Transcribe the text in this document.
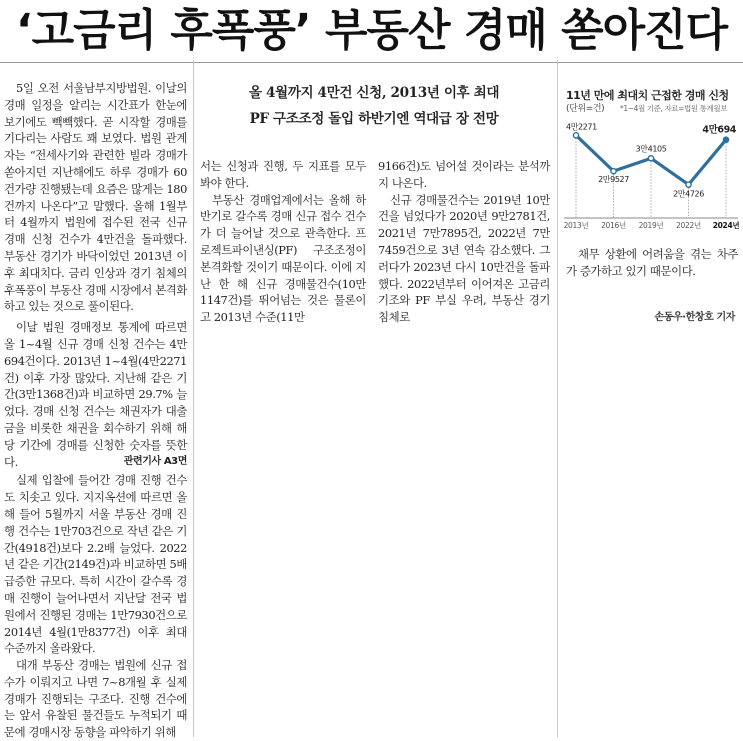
‘고금리 후폭풍’ 부동산 경매 쏟아진다

5일 오전 서울남부지방법원. 이날의 경매 일정을 알리는 시간표가 한눈에 보기에도 빽빽했다. 곧 시작할 경매를 기다리는 사람도 꽤 보였다. 법원 관계자는 “전세사기와 관련한 빌라 경매가 쏟아지던 지난해에도 하루 경매가 60건가량 진행됐는데 요즘은 많게는 180건까지 나온다”고 말했다. 올해 1월부터 4월까지 법원에 접수된 전국 신규 경매 신청 건수가 4만건을 돌파했다. 부동산 경기가 바닥이었던 2013년 이후 최대치다. 금리 인상과 경기 침체의 후폭풍이 부동산 경매 시장에서 본격화하고 있는 것으로 풀이된다.

이날 법원 경매정보 통계에 따르면 올 1~4월 신규 경매 신청 건수는 4만694건이다. 2013년 1~4월(4만2271건) 이후 가장 많았다. 지난해 같은 기간(3만1368건)과 비교하면 29.7% 늘었다. 경매 신청 건수는 채권자가 대출금을 비롯한 채권을 회수하기 위해 해당 기간에 경매를 신청한 숫자를 뜻한다.	관련기사 A3면

실제 입찰에 들어간 경매 진행 건수도 치솟고 있다. 지지옥션에 따르면 올해 들어 5월까지 서울 부동산 경매 진행 건수는 1만703건으로 작년 같은 기간(4918건)보다 2.2배 늘었다. 2022년 같은 기간(2149건)과 비교하면 5배 급증한 규모다. 특히 시간이 갈수록 경매 진행이 늘어나면서 지난달 전국 법원에서 진행된 경매는 1만7930건으로 2014년 4월(1만8377건) 이후 최대 수준까지 올라왔다.

대개 부동산 경매는 법원에 신규 접수가 이뤄지고 나면 7~8개월 후 실제 경매가 진행되는 구조다. 진행 건수에는 앞서 유찰된 물건들도 누적되기 때문에 경매시장 동향을 파악하기 위해

올 4월까지 4만건 신청, 2013년 이후 최대
PF 구조조정 돌입 하반기엔 역대급 장 전망

서는 신청과 진행, 두 지표를 모두 봐야 한다.

부동산 경매업계에서는 올해 하반기로 갈수록 경매 신규 접수 건수가 더 늘어날 것으로 관측한다. 프로젝트파이낸싱(PF) 구조조정이 본격화할 것이기 때문이다. 이에 지난 한 해 신규 경매물건수(10만1147건)를 뛰어넘는 것은 물론이고 2013년 수준(11만

9166건)도 넘어설 것이라는 분석까지 나온다.

신규 경매물건수는 2019년 10만건을 넘었다가 2020년 9만2781건, 2021년 7만7895건, 2022년 7만7459건으로 3년 연속 감소했다. 그러다가 2023년 다시 10만건을 돌파했다. 2022년부터 이어져온 고금리 기조와 PF 부실 우려, 부동산 경기 침체로

11년 만에 최대치 근접한 경매 신청
(단위=건) *1~4월 기준, 자료=법원 통계월보
4만2271
2만9527
3만4105
2만4726
4만694
2013년 2016년 2019년 2022년 2024년

채무 상환에 어려움을 겪는 차주가 증가하고 있기 때문이다.

손동우·한창호 기자
